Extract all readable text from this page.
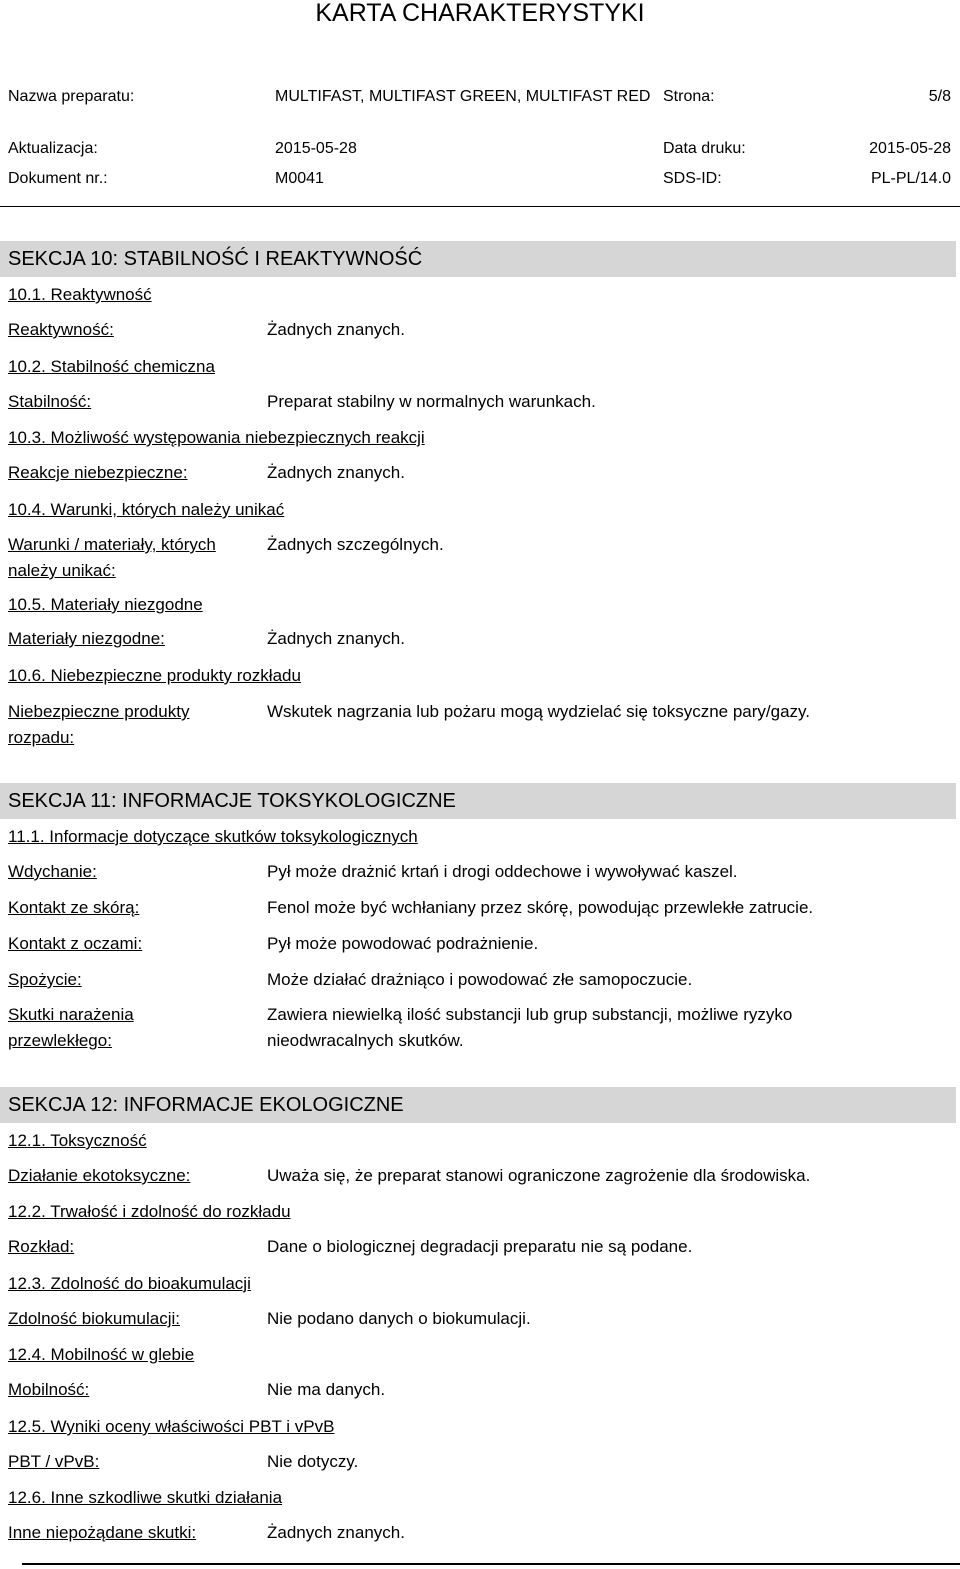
KARTA CHARAKTERYSTYKI
Nazwa preparatu:	MULTIFAST, MULTIFAST GREEN, MULTIFAST RED Strona:	5/8
Aktualizacja:	2015-05-28	Data druku:	2015-05-28
Dokument nr.:	M0041	SDS-ID:	PL-PL/14.0
SEKCJA 10: STABILNOŚĆ I REAKTYWNOŚĆ
10.1. Reaktywność
Reaktywność:	Żadnych znanych.
10.2. Stabilność chemiczna
Stabilność:	Preparat stabilny w normalnych warunkach.
10.3. Możliwość występowania niebezpiecznych reakcji
Reakcje niebezpieczne:	Żadnych znanych.
10.4. Warunki, których należy unikać
Warunki / materiały, których należy unikać:
Żadnych szczególnych.
10.5. Materiały niezgodne
Materiały niezgodne:	Żadnych znanych.
10.6. Niebezpieczne produkty rozkładu
Niebezpieczne produkty rozpadu:
Wskutek nagrzania lub pożaru mogą wydzielać się toksyczne pary/gazy.
SEKCJA 11: INFORMACJE TOKSYKOLOGICZNE
11.1. Informacje dotyczące skutków toksykologicznych
Wdychanie:	Pył może drażnić krtań i drogi oddechowe i wywoływać kaszel.
Kontakt ze skórą:	Fenol może być wchłaniany przez skórę, powodując przewlekłe zatrucie.
Kontakt z oczami:	Pył może powodować podrażnienie.
Spożycie:	Może działać drażniąco i powodować złe samopoczucie.
Skutki narażenia przewlekłego:
Zawiera niewielką ilość substancji lub grup substancji, możliwe ryzyko nieodwracalnych skutków.
SEKCJA 12: INFORMACJE EKOLOGICZNE
12.1. Toksyczność
Działanie ekotoksyczne:	Uważa się, że preparat stanowi ograniczone zagrożenie dla środowiska.
12.2. Trwałość i zdolność do rozkładu
Rozkład:	Dane o biologicznej degradacji preparatu nie są podane.
12.3. Zdolność do bioakumulacji
Zdolność biokumulacji:	Nie podano danych o biokumulacji.
12.4. Mobilność w glebie
Mobilność:	Nie ma danych.
12.5. Wyniki oceny właściwości PBT i vPvB
PBT / vPvB:	Nie dotyczy.
12.6. Inne szkodliwe skutki działania
Inne niepożądane skutki:	Żadnych znanych.
